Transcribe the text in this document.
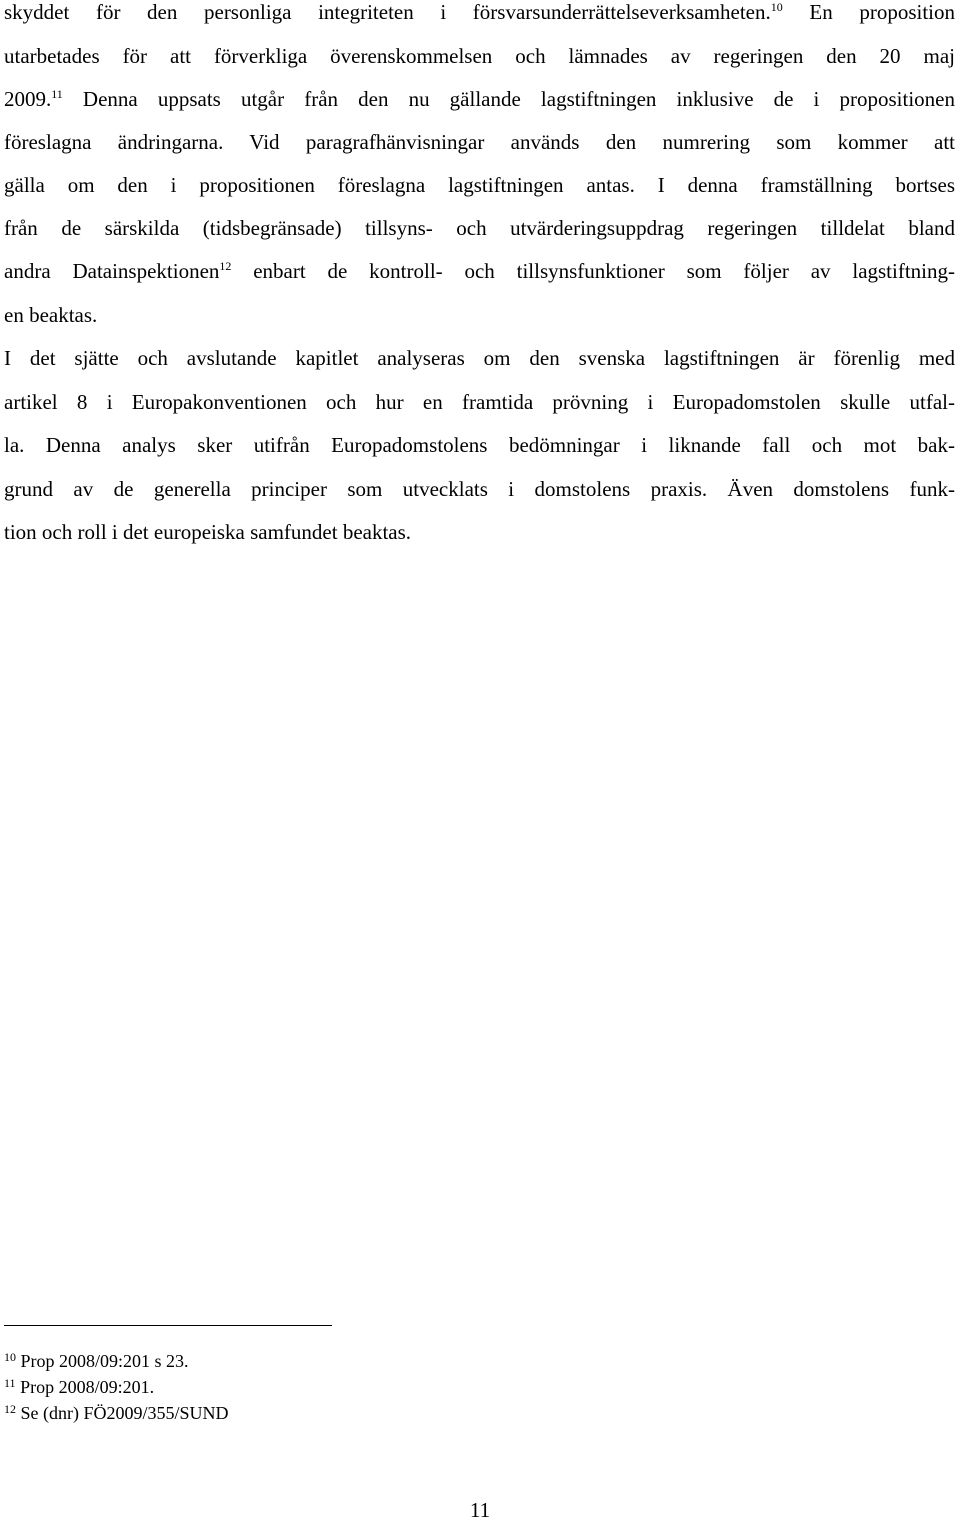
skyddet för den personliga integriteten i försvarsunderrättelseverksamheten.$^{10}$ En proposition
utarbetades för att förverkliga överenskommelsen och lämnades av regeringen den 20 maj
2009.11 Denna uppsats utgår från den nu gällande lagstiftningen inklusive de i propositionen
föreslagna ändringarna. Vid paragrafhänvisningar används den numrering som kommer att
gälla om den i propositionen föreslagna lagstiftningen antas. I denna framställning bortses
från de särskilda (tidsbegränsade) tillsyns- och utvärderingsuppdrag regeringen tilldelat bland
andra Datainspektionen$^{12}$ enbart de kontroll- och tillsynsfunktioner som följer av lagstiftning-
en beaktas.
I det sjätte och avslutande kapitlet analyseras om den svenska lagstiftningen är förenlig med
artikel 8 i Europakonventionen och hur en framtida prövning i Europadomstolen skulle utfal-
la. Denna analys sker utifrån Europadomstolens bedömningar i liknande fall och mot bak-
grund av de generella principer som utvecklats i domstolens praxis. Även domstolens funk-
tion och roll i det europeiska samfundet beaktas.
$^{10}$ Prop 2008/09:201 s 23.
$^{11}$ Prop 2008/09:201.
$^{12}$ Se (dnr) FÖ2009/355/SUND
11
